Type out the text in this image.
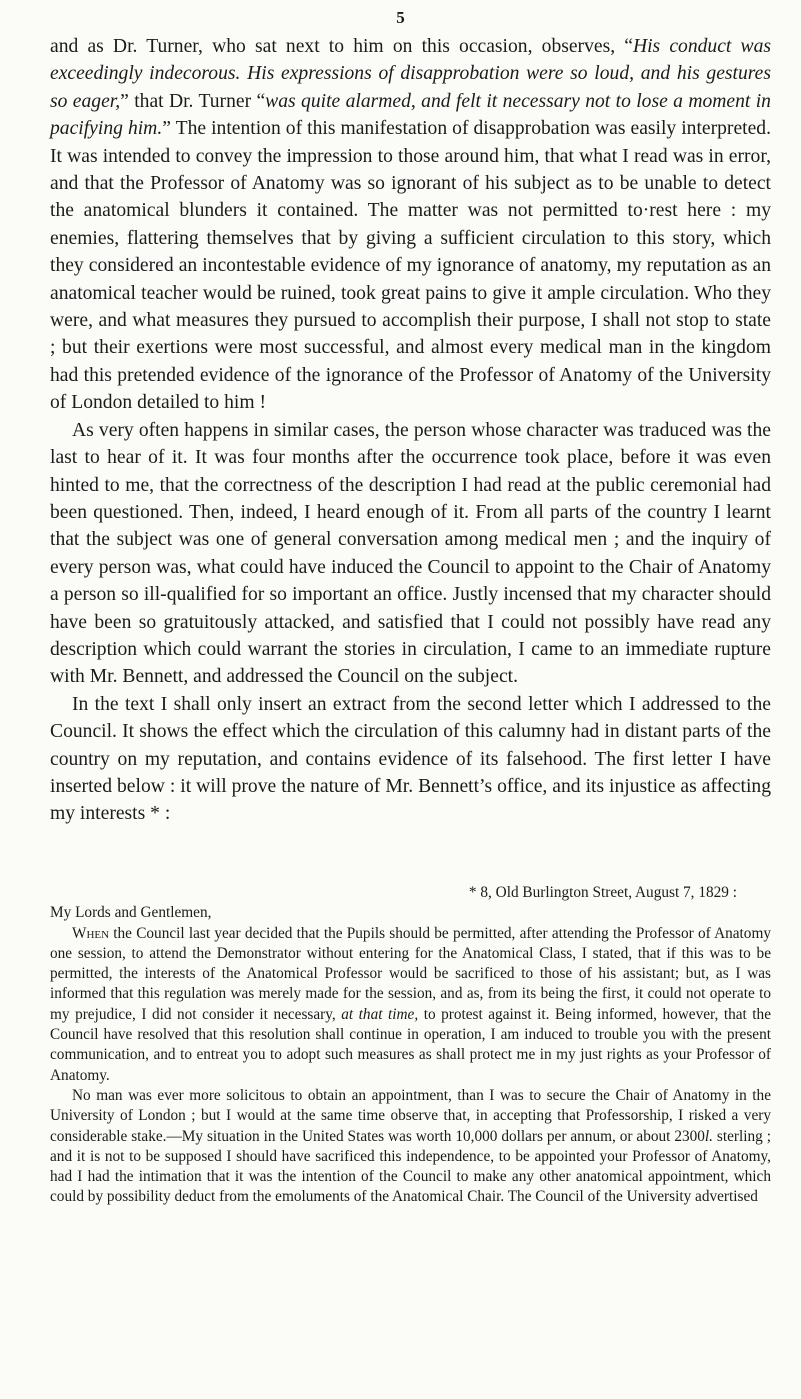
5

and as Dr. Turner, who sat next to him on this occasion, observes, “His conduct was exceedingly indecorous. His expressions of disapprobation were so loud, and his gestures so eager,” that Dr. Turner “was quite alarmed, and felt it necessary not to lose a moment in pacifying him.” The intention of this manifestation of disapprobation was easily interpreted. It was intended to convey the impression to those around him, that what I read was in error, and that the Professor of Anatomy was so ignorant of his subject as to be unable to detect the anatomical blunders it contained. The matter was not permitted to·rest here : my enemies, flattering themselves that by giving a sufficient circulation to this story, which they considered an incontestable evidence of my ignorance of anatomy, my reputation as an anatomical teacher would be ruined, took great pains to give it ample circulation. Who they were, and what measures they pursued to accomplish their purpose, I shall not stop to state ; but their exertions were most successful, and almost every medical man in the kingdom had this pretended evidence of the ignorance of the Professor of Anatomy of the University of London detailed to him !

As very often happens in similar cases, the person whose character was traduced was the last to hear of it. It was four months after the occurrence took place, before it was even hinted to me, that the correctness of the description I had read at the public ceremonial had been questioned. Then, indeed, I heard enough of it. From all parts of the country I learnt that the subject was one of general conversation among medical men ; and the inquiry of every person was, what could have induced the Council to appoint to the Chair of Anatomy a person so ill-qualified for so important an office. Justly incensed that my character should have been so gratuitously attacked, and satisfied that I could not possibly have read any description which could warrant the stories in circulation, I came to an immediate rupture with Mr. Bennett, and addressed the Council on the subject.

In the text I shall only insert an extract from the second letter which I addressed to the Council. It shows the effect which the circulation of this calumny had in distant parts of the country on my reputation, and contains evidence of its falsehood. The first letter I have inserted below : it will prove the nature of Mr. Bennett’s office, and its injustice as affecting my interests * :

* 8, Old Burlington Street, August 7, 1829 :

My Lords and Gentlemen,

When the Council last year decided that the Pupils should be permitted, after attending the Professor of Anatomy one session, to attend the Demonstrator without entering for the Anatomical Class, I stated, that if this was to be permitted, the interests of the Anatomical Professor would be sacrificed to those of his assistant; but, as I was informed that this regulation was merely made for the session, and as, from its being the first, it could not operate to my prejudice, I did not consider it necessary, at that time, to protest against it. Being informed, however, that the Council have resolved that this resolution shall continue in operation, I am induced to trouble you with the present communication, and to entreat you to adopt such measures as shall protect me in my just rights as your Professor of Anatomy.

No man was ever more solicitous to obtain an appointment, than I was to secure the Chair of Anatomy in the University of London ; but I would at the same time observe that, in accepting that Professorship, I risked a very considerable stake.—My situation in the United States was worth 10,000 dollars per annum, or about 2300l. sterling ; and it is not to be supposed I should have sacrificed this independence, to be appointed your Professor of Anatomy, had I had the intimation that it was the intention of the Council to make any other anatomical appointment, which could by possibility deduct from the emoluments of the Anatomical Chair. The Council of the University advertised
